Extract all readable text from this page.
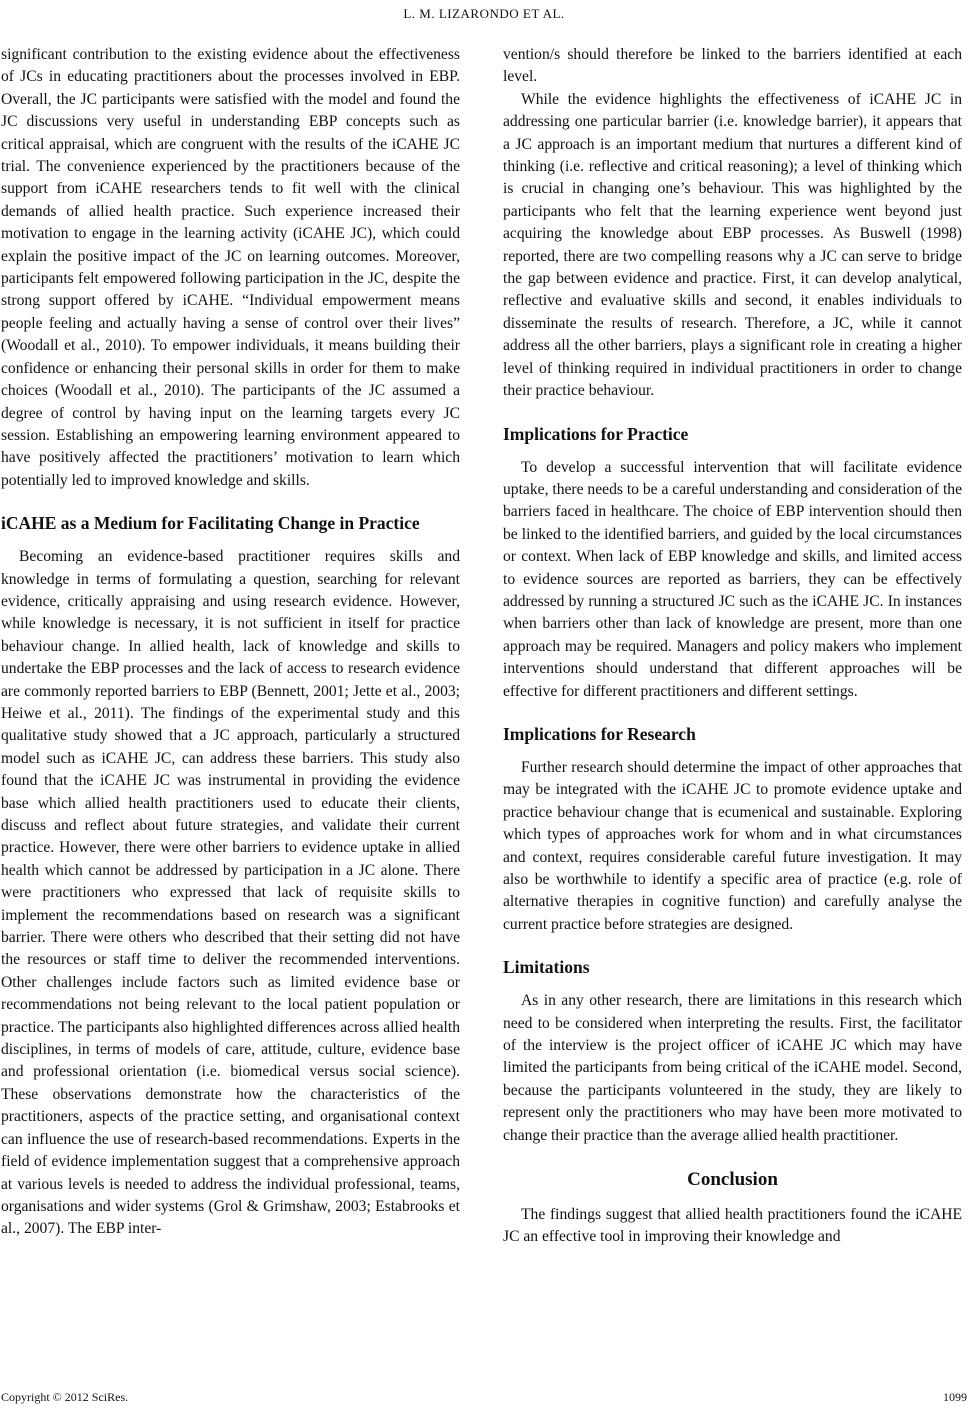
L. M. LIZARONDO ET AL.

significant contribution to the existing evidence about the effectiveness of JCs in educating practitioners about the processes involved in EBP. Overall, the JC participants were satisfied with the model and found the JC discussions very useful in understanding EBP concepts such as critical appraisal, which are congruent with the results of the iCAHE JC trial. The convenience experienced by the practitioners because of the support from iCAHE researchers tends to fit well with the clinical demands of allied health practice. Such experience increased their motivation to engage in the learning activity (iCAHE JC), which could explain the positive impact of the JC on learning outcomes. Moreover, participants felt empowered following participation in the JC, despite the strong support offered by iCAHE. “Individual empowerment means people feeling and actually having a sense of control over their lives” (Woodall et al., 2010). To empower individuals, it means building their confidence or enhancing their personal skills in order for them to make choices (Woodall et al., 2010). The participants of the JC assumed a degree of control by having input on the learning targets every JC session. Establishing an empowering learning environment appeared to have positively affected the practitioners’ motivation to learn which potentially led to improved knowledge and skills.

iCAHE as a Medium for Facilitating Change in Practice

Becoming an evidence-based practitioner requires skills and knowledge in terms of formulating a question, searching for relevant evidence, critically appraising and using research evidence. However, while knowledge is necessary, it is not sufficient in itself for practice behaviour change. In allied health, lack of knowledge and skills to undertake the EBP processes and the lack of access to research evidence are commonly reported barriers to EBP (Bennett, 2001; Jette et al., 2003; Heiwe et al., 2011). The findings of the experimental study and this qualitative study showed that a JC approach, particularly a structured model such as iCAHE JC, can address these barriers. This study also found that the iCAHE JC was instrumental in providing the evidence base which allied health practitioners used to educate their clients, discuss and reflect about future strategies, and validate their current practice. However, there were other barriers to evidence uptake in allied health which cannot be addressed by participation in a JC alone. There were practitioners who expressed that lack of requisite skills to implement the recommendations based on research was a significant barrier. There were others who described that their setting did not have the resources or staff time to deliver the recommended interventions. Other challenges include factors such as limited evidence base or recommendations not being relevant to the local patient population or practice. The participants also highlighted differences across allied health disciplines, in terms of models of care, attitude, culture, evidence base and professional orientation (i.e. biomedical versus social science). These observations demonstrate how the characteristics of the practitioners, aspects of the practice setting, and organisational context can influence the use of research-based recommendations. Experts in the field of evidence implementation suggest that a comprehensive approach at various levels is needed to address the individual professional, teams, organisations and wider systems (Grol & Grimshaw, 2003; Estabrooks et al., 2007). The EBP inter-

vention/s should therefore be linked to the barriers identified at each level.

While the evidence highlights the effectiveness of iCAHE JC in addressing one particular barrier (i.e. knowledge barrier), it appears that a JC approach is an important medium that nurtures a different kind of thinking (i.e. reflective and critical reasoning); a level of thinking which is crucial in changing one’s behaviour. This was highlighted by the participants who felt that the learning experience went beyond just acquiring the knowledge about EBP processes. As Buswell (1998) reported, there are two compelling reasons why a JC can serve to bridge the gap between evidence and practice. First, it can develop analytical, reflective and evaluative skills and second, it enables individuals to disseminate the results of research. Therefore, a JC, while it cannot address all the other barriers, plays a significant role in creating a higher level of thinking required in individual practitioners in order to change their practice behaviour.

Implications for Practice

To develop a successful intervention that will facilitate evidence uptake, there needs to be a careful understanding and consideration of the barriers faced in healthcare. The choice of EBP intervention should then be linked to the identified barriers, and guided by the local circumstances or context. When lack of EBP knowledge and skills, and limited access to evidence sources are reported as barriers, they can be effectively addressed by running a structured JC such as the iCAHE JC. In instances when barriers other than lack of knowledge are present, more than one approach may be required. Managers and policy makers who implement interventions should understand that different approaches will be effective for different practitioners and different settings.

Implications for Research

Further research should determine the impact of other approaches that may be integrated with the iCAHE JC to promote evidence uptake and practice behaviour change that is ecumenical and sustainable. Exploring which types of approaches work for whom and in what circumstances and context, requires considerable careful future investigation. It may also be worthwhile to identify a specific area of practice (e.g. role of alternative therapies in cognitive function) and carefully analyse the current practice before strategies are designed.

Limitations

As in any other research, there are limitations in this research which need to be considered when interpreting the results. First, the facilitator of the interview is the project officer of iCAHE JC which may have limited the participants from being critical of the iCAHE model. Second, because the participants volunteered in the study, they are likely to represent only the practitioners who may have been more motivated to change their practice than the average allied health practitioner.

Conclusion

The findings suggest that allied health practitioners found the iCAHE JC an effective tool in improving their knowledge and

Copyright © 2012 SciRes.	1099
